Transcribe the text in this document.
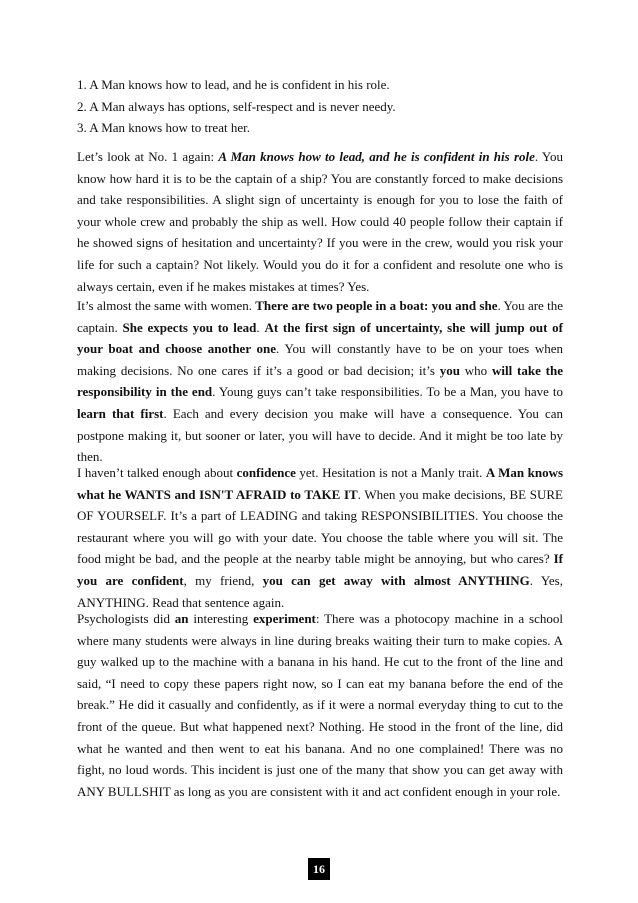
1. A Man knows how to lead, and he is confident in his role.
2. A Man always has options, self-respect and is never needy.
3. A Man knows how to treat her.

Let’s look at No. 1 again: A Man knows how to lead, and he is confident in his role. You know how hard it is to be the captain of a ship? You are constantly forced to make decisions and take responsibilities. A slight sign of uncertainty is enough for you to lose the faith of your whole crew and probably the ship as well. How could 40 people follow their captain if he showed signs of hesitation and uncertainty? If you were in the crew, would you risk your life for such a captain? Not likely. Would you do it for a confident and resolute one who is always certain, even if he makes mistakes at times? Yes.

It’s almost the same with women. There are two people in a boat: you and she. You are the captain. She expects you to lead. At the first sign of uncertainty, she will jump out of your boat and choose another one. You will constantly have to be on your toes when making decisions. No one cares if it’s a good or bad decision; it’s you who will take the responsibility in the end. Young guys can’t take responsibilities. To be a Man, you have to learn that first. Each and every decision you make will have a consequence. You can postpone making it, but sooner or later, you will have to decide. And it might be too late by then.

I haven’t talked enough about confidence yet. Hesitation is not a Manly trait. A Man knows what he WANTS and ISN'T AFRAID to TAKE IT. When you make decisions, BE SURE OF YOURSELF. It’s a part of LEADING and taking RESPONSIBILITIES. You choose the restaurant where you will go with your date. You choose the table where you will sit. The food might be bad, and the people at the nearby table might be annoying, but who cares? If you are confident, my friend, you can get away with almost ANYTHING. Yes, ANYTHING. Read that sentence again.

Psychologists did an interesting experiment: There was a photocopy machine in a school where many students were always in line during breaks waiting their turn to make copies. A guy walked up to the machine with a banana in his hand. He cut to the front of the line and said, “I need to copy these papers right now, so I can eat my banana before the end of the break.” He did it casually and confidently, as if it were a normal everyday thing to cut to the front of the queue. But what happened next? Nothing. He stood in the front of the line, did what he wanted and then went to eat his banana. And no one complained! There was no fight, no loud words. This incident is just one of the many that show you can get away with ANY BULLSHIT as long as you are consistent with it and act confident enough in your role.

16
